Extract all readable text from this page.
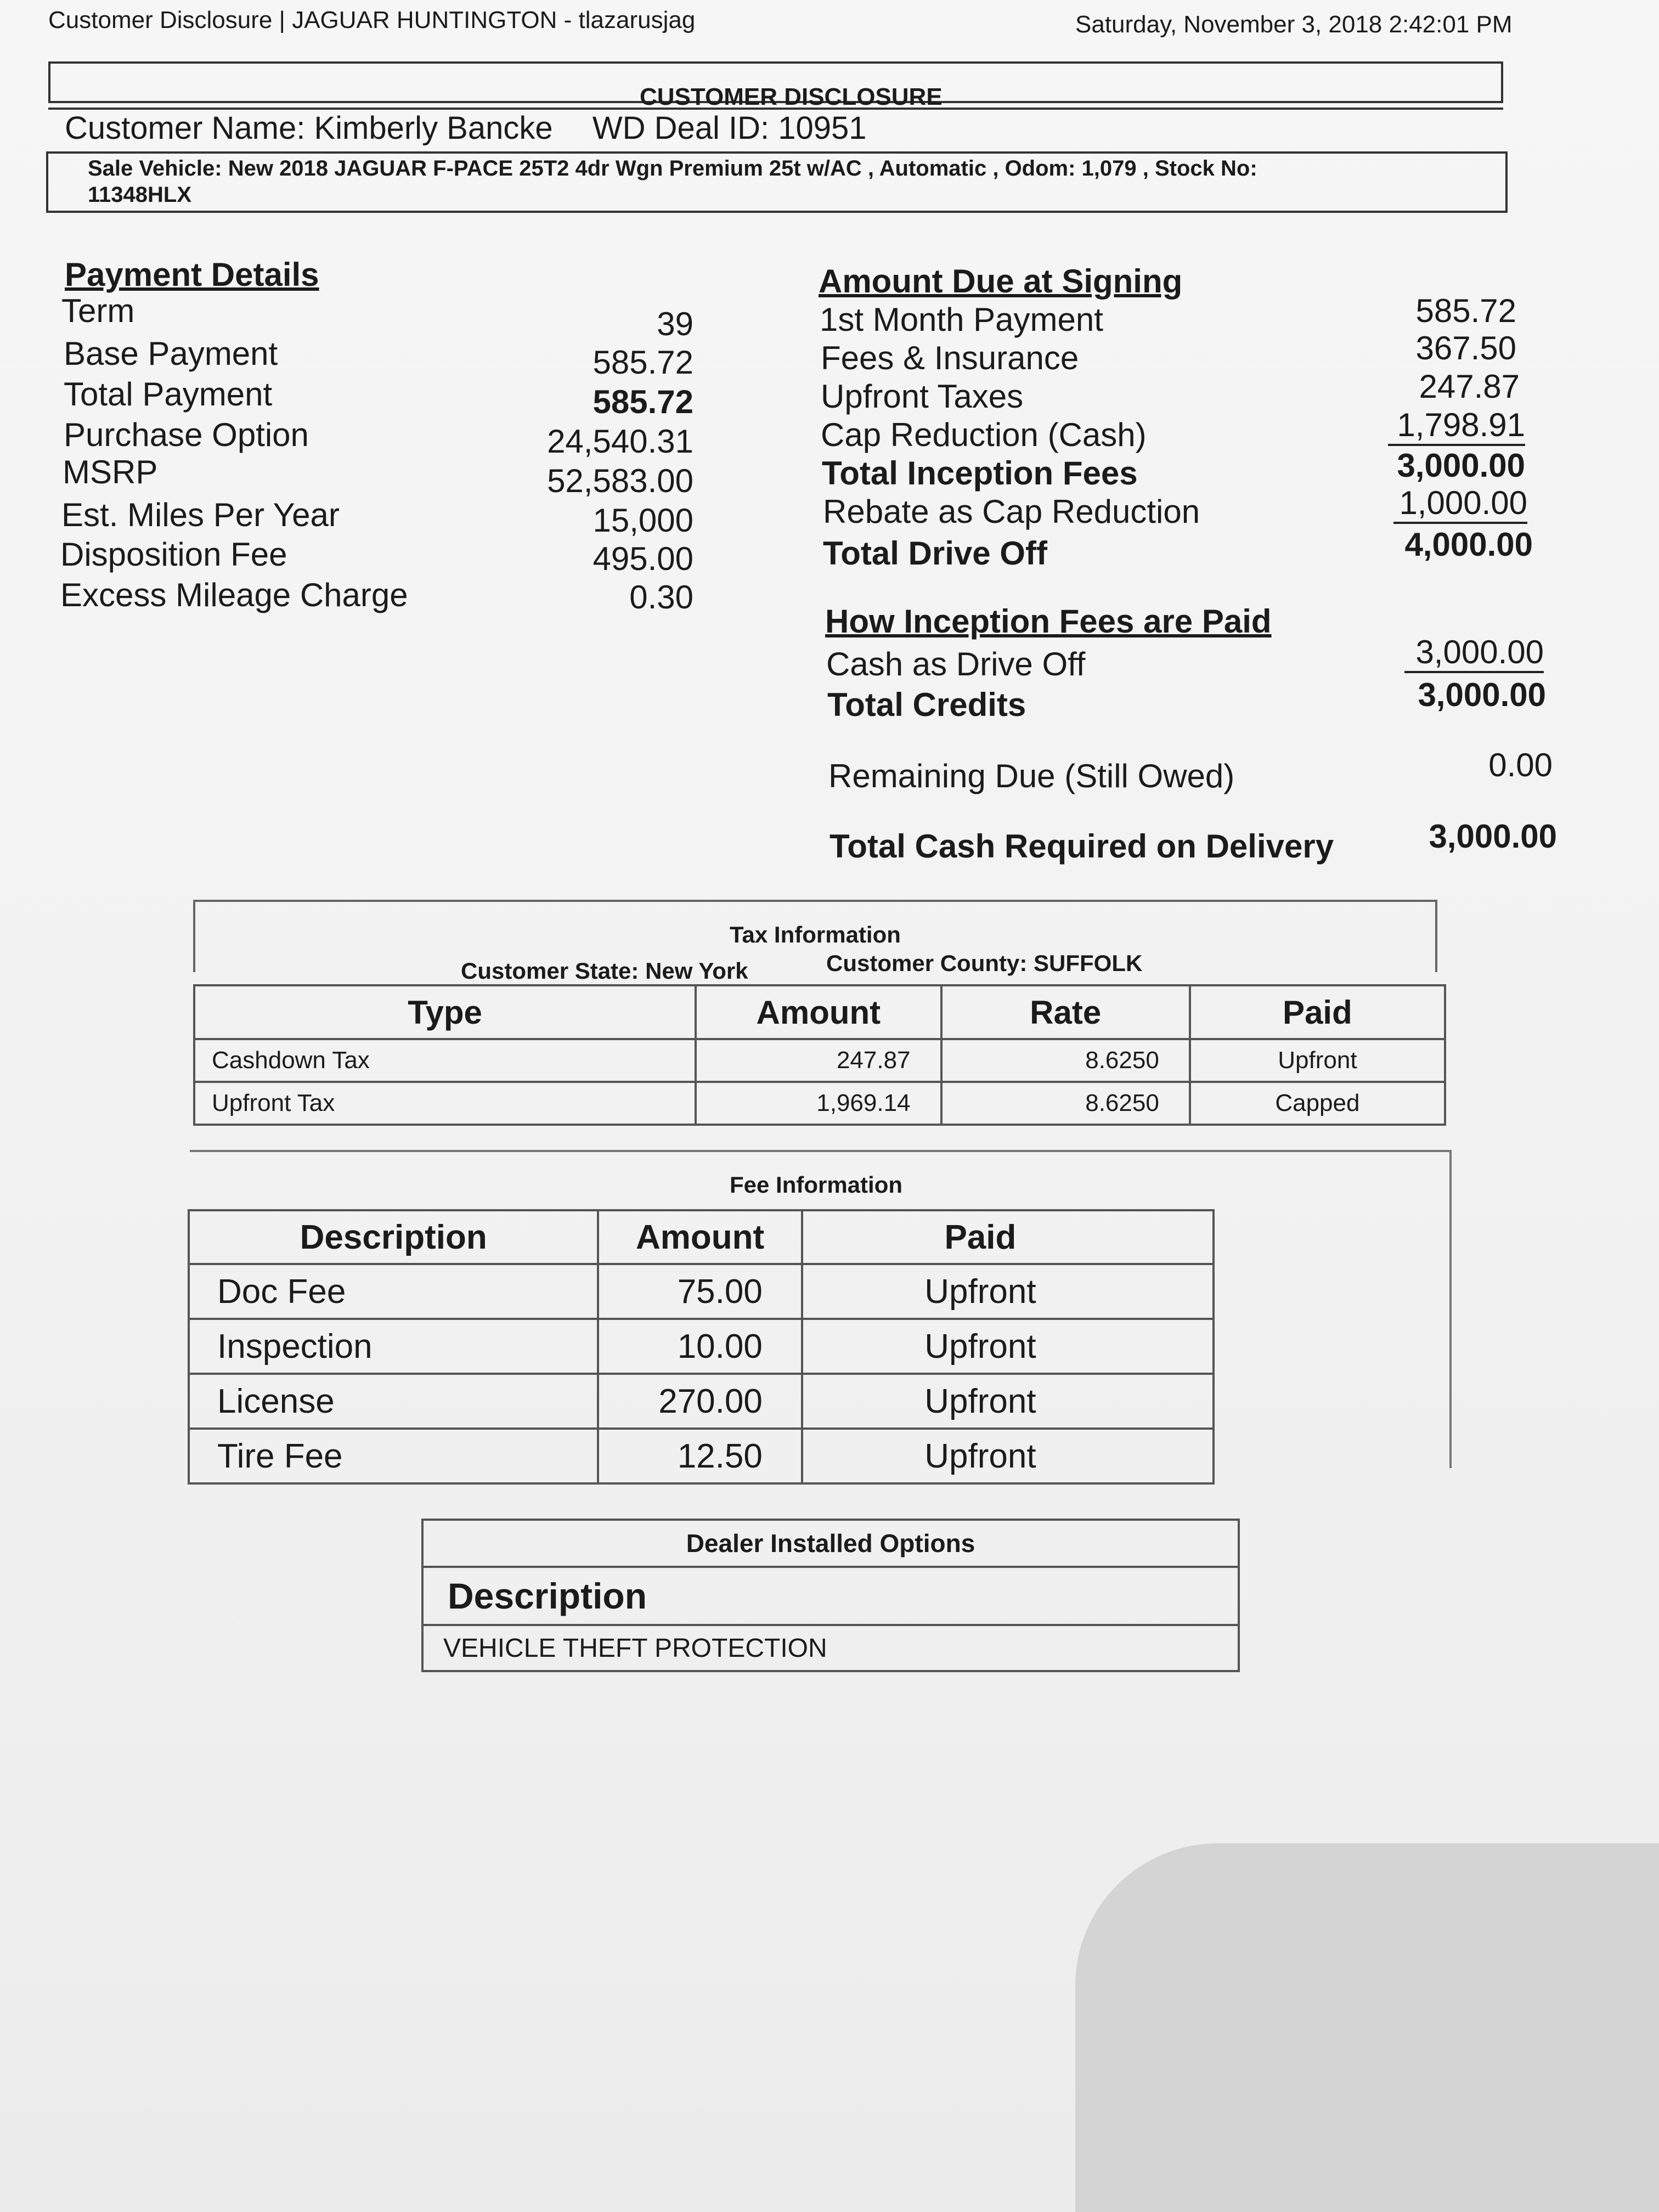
Customer Disclosure | JAGUAR HUNTINGTON - tlazarusjag	Saturday, November 3, 2018 2:42:01 PM
CUSTOMER DISCLOSURE
Customer Name: Kimberly Bancke WD Deal ID: 10951
Sale Vehicle: New 2018 JAGUAR F-PACE 25T2 4dr Wgn Premium 25t w/AC , Automatic , Odom: 1,079 , Stock No:
11348HLX
Payment Details
Term	39
Base Payment	585.72
Total Payment	585.72
Purchase Option	24,540.31
MSRP	52,583.00
Est. Miles Per Year	15,000
Disposition Fee	495.00
Excess Mileage Charge	0.30
Amount Due at Signing
1st Month Payment	585.72
Fees & Insurance	367.50
Upfront Taxes	247.87
Cap Reduction (Cash)	1,798.91
Total Inception Fees	3,000.00
Rebate as Cap Reduction	1,000.00
Total Drive Off	4,000.00
How Inception Fees are Paid
Cash as Drive Off	3,000.00
Total Credits	3,000.00
Remaining Due (Still Owed)	0.00
Total Cash Required on Delivery	3,000.00
Tax Information
Customer State: New York	Customer County: SUFFOLK
Type	Amount	Rate	Paid
Cashdown Tax	247.87	8.6250	Upfront
Upfront Tax	1,969.14	8.6250	Capped
Fee Information
Description	Amount	Paid
Doc Fee	75.00	Upfront
Inspection	10.00	Upfront
License	270.00	Upfront
Tire Fee	12.50	Upfront
Dealer Installed Options
Description
VEHICLE THEFT PROTECTION
